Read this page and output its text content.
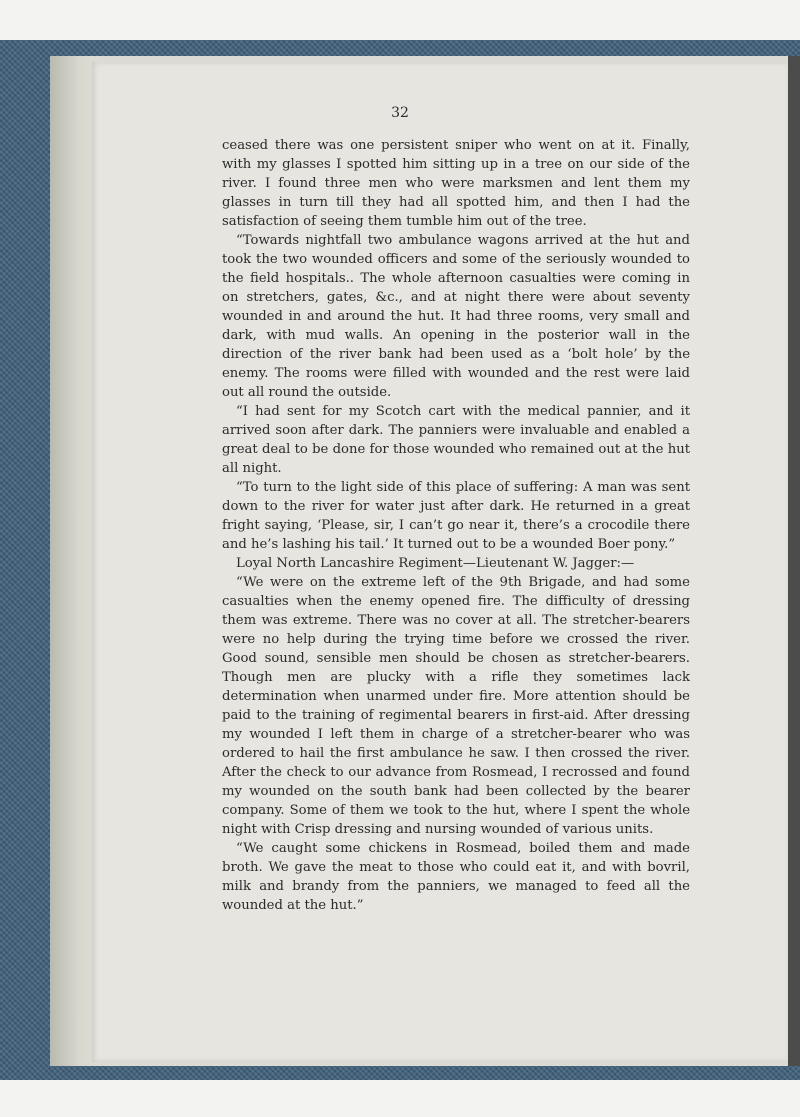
32

ceased there was one persistent sniper who went on at it. Finally, with my glasses I spotted him sitting up in a tree on our side of the river. I found three men who were marksmen and lent them my glasses in turn till they had all spotted him, and then I had the satisfaction of seeing them tumble him out of the tree.

“Towards nightfall two ambulance wagons arrived at the hut and took the two wounded officers and some of the seriously wounded to the field hospitals.. The whole afternoon casualties were coming in on stretchers, gates, &c., and at night there were about seventy wounded in and around the hut. It had three rooms, very small and dark, with mud walls. An opening in the posterior wall in the direction of the river bank had been used as a ‘bolt hole’ by the enemy. The rooms were filled with wounded and the rest were laid out all round the outside.

“I had sent for my Scotch cart with the medical pannier, and it arrived soon after dark. The panniers were invaluable and enabled a great deal to be done for those wounded who remained out at the hut all night.

“To turn to the light side of this place of suffering: A man was sent down to the river for water just after dark. He returned in a great fright saying, ‘Please, sir, I can’t go near it, there’s a crocodile there and he’s lashing his tail.’ It turned out to be a wounded Boer pony.”

Loyal North Lancashire Regiment—Lieutenant W. Jagger:—

“We were on the extreme left of the 9th Brigade, and had some casualties when the enemy opened fire. The difficulty of dressing them was extreme. There was no cover at all. The stretcher-bearers were no help during the trying time before we crossed the river. Good sound, sensible men should be chosen as stretcher-bearers. Though men are plucky with a rifle they sometimes lack determination when unarmed under fire. More attention should be paid to the training of regimental bearers in first-aid. After dressing my wounded I left them in charge of a stretcher-bearer who was ordered to hail the first ambulance he saw. I then crossed the river. After the check to our advance from Rosmead, I recrossed and found my wounded on the south bank had been collected by the bearer company. Some of them we took to the hut, where I spent the whole night with Crisp dressing and nursing wounded of various units.

“We caught some chickens in Rosmead, boiled them and made broth. We gave the meat to those who could eat it, and with bovril, milk and brandy from the panniers, we managed to feed all the wounded at the hut.”
